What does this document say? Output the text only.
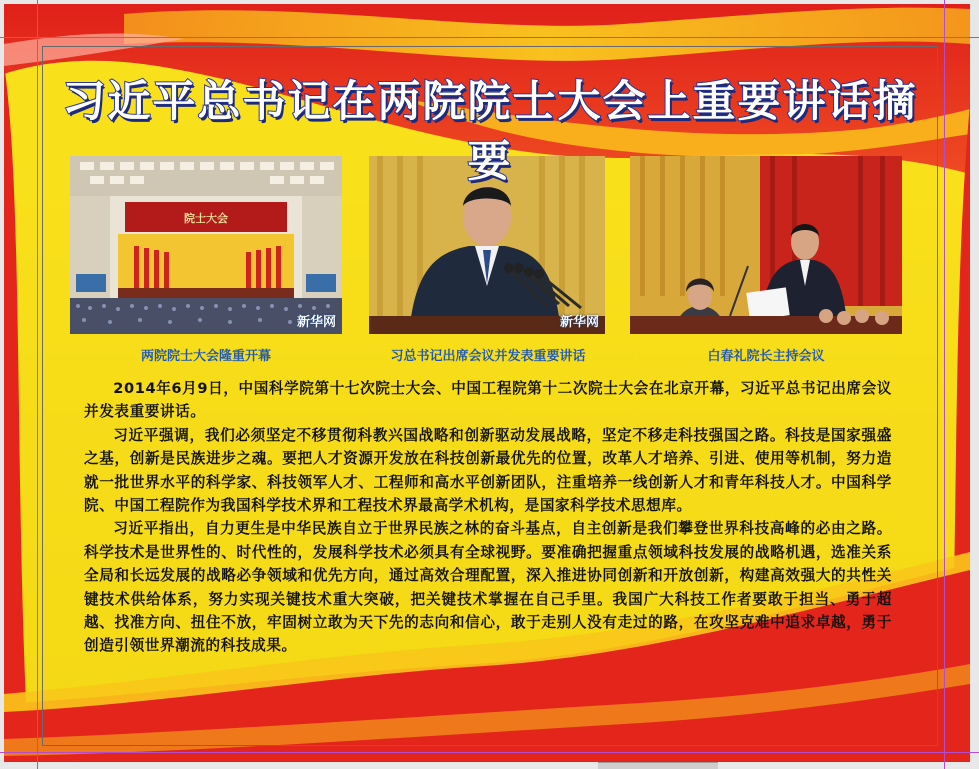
院士大会
新华网	新华网
习近平总书记在两院院士大会上重要讲话摘要
两院院士大会隆重开幕	习总书记出席会议并发表重要讲话	白春礼院长主持会议

2014年6月9日，中国科学院第十七次院士大会、中国工程院第十二次院士大会在北京开幕，习近平总书记出席会议并发表重要讲话。

习近平强调，我们必须坚定不移贯彻科教兴国战略和创新驱动发展战略，坚定不移走科技强国之路。科技是国家强盛之基，创新是民族进步之魂。要把人才资源开发放在科技创新最优先的位置，改革人才培养、引进、使用等机制，努力造就一批世界水平的科学家、科技领军人才、工程师和高水平创新团队，注重培养一线创新人才和青年科技人才。中国科学院、中国工程院作为我国科学技术界和工程技术界最高学术机构，是国家科学技术思想库。

习近平指出，自力更生是中华民族自立于世界民族之林的奋斗基点，自主创新是我们攀登世界科技高峰的必由之路。科学技术是世界性的、时代性的，发展科学技术必须具有全球视野。要准确把握重点领域科技发展的战略机遇，选准关系全局和长远发展的战略必争领域和优先方向，通过高效合理配置，深入推进协同创新和开放创新，构建高效强大的共性关键技术供给体系，努力实现关键技术重大突破，把关键技术掌握在自己手里。我国广大科技工作者要敢于担当、勇于超越、找准方向、扭住不放，牢固树立敢为天下先的志向和信心，敢于走别人没有走过的路，在攻坚克难中追求卓越，勇于创造引领世界潮流的科技成果。
